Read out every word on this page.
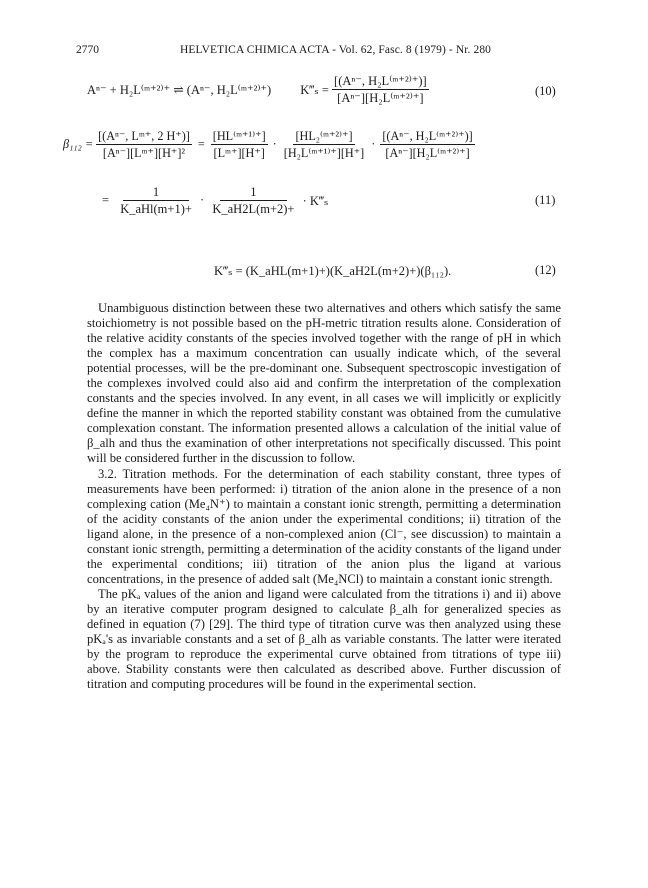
2770	HELVETICA CHIMICA ACTA - Vol. 62, Fasc. 8 (1979) - Nr. 280
Aⁿ⁻ + H₂L⁽ᵐ⁺²⁾⁺ ⇌ (Aⁿ⁻, H₂L⁽ᵐ⁺²⁾⁺) K‴ₛ = $\frac{\text{[(Aⁿ⁻, H₂L⁽ᵐ⁺²⁾⁺)]}}{\text{[Aⁿ⁻][H₂L⁽ᵐ⁺²⁾⁺]}}$	(10)
$\beta_{112} = \frac{\text{[(Aⁿ⁻, Lᵐ⁺, 2 H⁺)]}}{\text{[Aⁿ⁻][Lᵐ⁺][H⁺]²}} = \frac{\text{[HL⁽ᵐ⁺¹⁾⁺]}}{\text{[Lᵐ⁺][H⁺]}} \cdot \frac{\text{[HL₂⁽ᵐ⁺²⁾⁺]}}{\text{[H₂L⁽ᵐ⁺¹⁾⁺][H⁺]}} \cdot \frac{\text{[(Aⁿ⁻, H₂L⁽ᵐ⁺²⁾⁺)]}}{\text{[Aⁿ⁻][H₂L⁽ᵐ⁺²⁾⁺]}}$
= $\frac{1}{\text{K\_aHl(m+1)+}} \cdot \frac{1}{K\_aH2L(m+2)+}$ · K‴ₛ	(11)
K‴ₛ = (K_aHL(m+1)+)(K_aH2L(m+2)+)(β₁₁₂).	(12)

Unambiguous distinction between these two alternatives and others which satisfy the same stoichiometry is not possible based on the pH-metric titration results alone. Consideration of the relative acidity constants of the species involved together with the range of pH in which the complex has a maximum concentration can usually indicate which, of the several potential processes, will be the pre-dominant one. Subsequent spectroscopic investigation of the complexes involved could also aid and confirm the interpretation of the complexation constants and the species involved. In any event, in all cases we will implicitly or explicitly define the manner in which the reported stability constant was obtained from the cumulative complexation constant. The information presented allows a calculation of the initial value of β_alh and thus the examination of other interpretations not specifically discussed. This point will be considered further in the discussion to follow.

3.2. Titration methods. For the determination of each stability constant, three types of measurements have been performed: i) titration of the anion alone in the presence of a non complexing cation (Me₄N⁺) to maintain a constant ionic strength, permitting a determination of the acidity constants of the anion under the experimental conditions; ii) titration of the ligand alone, in the presence of a non-complexed anion (Cl⁻, see discussion) to maintain a constant ionic strength, permitting a determination of the acidity constants of the ligand under the experimental conditions; iii) titration of the anion plus the ligand at various concentrations, in the presence of added salt (Me₄NCl) to maintain a constant ionic strength.

The pKₐ values of the anion and ligand were calculated from the titrations i) and ii) above by an iterative computer program designed to calculate β_alh for generalized species as defined in equation (7) [29]. The third type of titration curve was then analyzed using these pKₐ's as invariable constants and a set of β_alh as variable constants. The latter were iterated by the program to reproduce the experimental curve obtained from titrations of type iii) above. Stability constants were then calculated as described above. Further discussion of titration and computing procedures will be found in the experimental section.
